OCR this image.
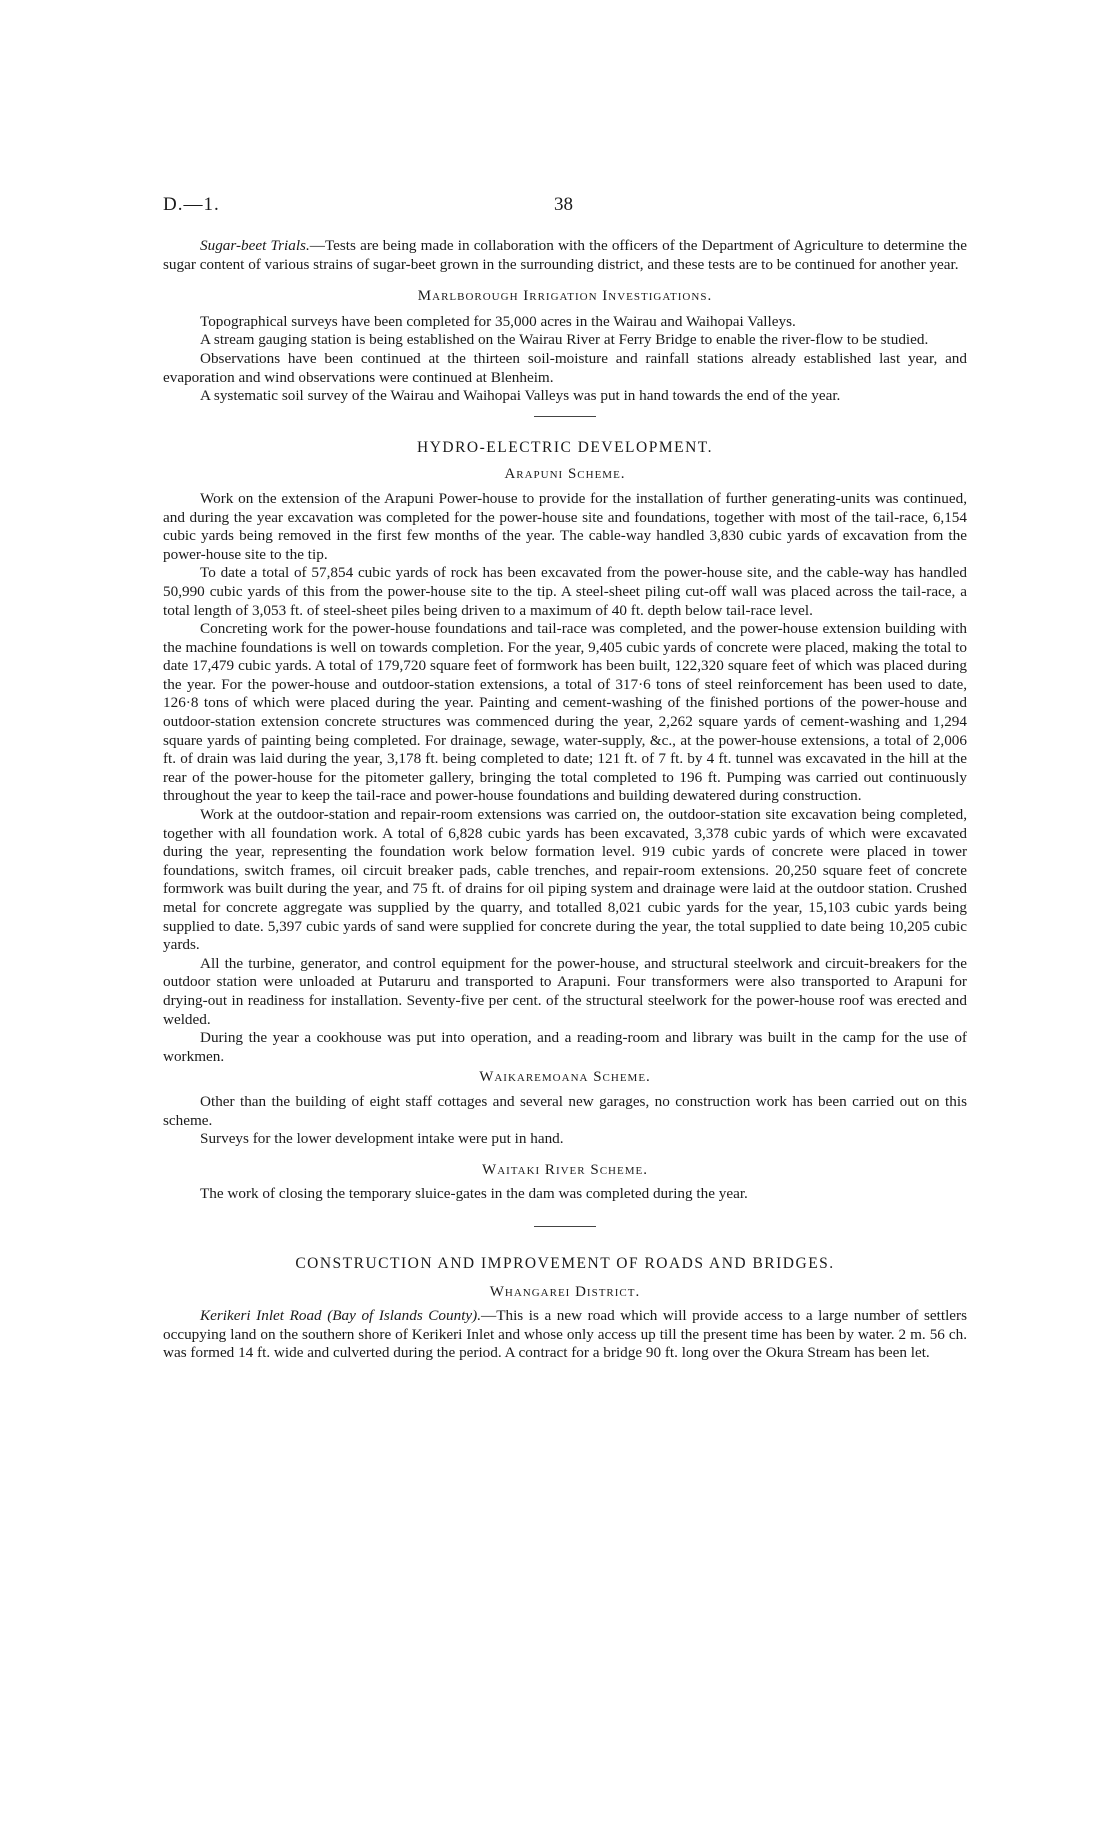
D.—1.	38

Sugar-beet Trials.—Tests are being made in collaboration with the officers of the Department of Agriculture to determine the sugar content of various strains of sugar-beet grown in the surrounding district, and these tests are to be continued for another year.

Marlborough Irrigation Investigations.

Topographical surveys have been completed for 35,000 acres in the Wairau and Waihopai Valleys.

A stream gauging station is being established on the Wairau River at Ferry Bridge to enable the river-flow to be studied.

Observations have been continued at the thirteen soil-moisture and rainfall stations already established last year, and evaporation and wind observations were continued at Blenheim.

A systematic soil survey of the Wairau and Waihopai Valleys was put in hand towards the end of the year.

HYDRO-ELECTRIC DEVELOPMENT.
Arapuni Scheme.

Work on the extension of the Arapuni Power-house to provide for the installation of further generating-units was continued, and during the year excavation was completed for the power-house site and foundations, together with most of the tail-race, 6,154 cubic yards being removed in the first few months of the year. The cable-way handled 3,830 cubic yards of excavation from the power-house site to the tip.

To date a total of 57,854 cubic yards of rock has been excavated from the power-house site, and the cable-way has handled 50,990 cubic yards of this from the power-house site to the tip. A steel-sheet piling cut-off wall was placed across the tail-race, a total length of 3,053 ft. of steel-sheet piles being driven to a maximum of 40 ft. depth below tail-race level.

Concreting work for the power-house foundations and tail-race was completed, and the power-house extension building with the machine foundations is well on towards completion. For the year, 9,405 cubic yards of concrete were placed, making the total to date 17,479 cubic yards. A total of 179,720 square feet of formwork has been built, 122,320 square feet of which was placed during the year. For the power-house and outdoor-station extensions, a total of 317·6 tons of steel reinforcement has been used to date, 126·8 tons of which were placed during the year. Painting and cement-washing of the finished portions of the power-house and outdoor-station extension concrete structures was commenced during the year, 2,262 square yards of cement-washing and 1,294 square yards of painting being completed. For drainage, sewage, water-supply, &c., at the power-house extensions, a total of 2,006 ft. of drain was laid during the year, 3,178 ft. being completed to date; 121 ft. of 7 ft. by 4 ft. tunnel was excavated in the hill at the rear of the power-house for the pitometer gallery, bringing the total completed to 196 ft. Pumping was carried out continuously throughout the year to keep the tail-race and power-house foundations and building dewatered during construction.

Work at the outdoor-station and repair-room extensions was carried on, the outdoor-station site excavation being completed, together with all foundation work. A total of 6,828 cubic yards has been excavated, 3,378 cubic yards of which were excavated during the year, representing the foundation work below formation level. 919 cubic yards of concrete were placed in tower foundations, switch frames, oil circuit breaker pads, cable trenches, and repair-room extensions. 20,250 square feet of concrete formwork was built during the year, and 75 ft. of drains for oil piping system and drainage were laid at the outdoor station. Crushed metal for concrete aggregate was supplied by the quarry, and totalled 8,021 cubic yards for the year, 15,103 cubic yards being supplied to date. 5,397 cubic yards of sand were supplied for concrete during the year, the total supplied to date being 10,205 cubic yards.

All the turbine, generator, and control equipment for the power-house, and structural steelwork and circuit-breakers for the outdoor station were unloaded at Putaruru and transported to Arapuni. Four transformers were also transported to Arapuni for drying-out in readiness for installation. Seventy-five per cent. of the structural steelwork for the power-house roof was erected and welded.

During the year a cookhouse was put into operation, and a reading-room and library was built in the camp for the use of workmen.

Waikaremoana Scheme.

Other than the building of eight staff cottages and several new garages, no construction work has been carried out on this scheme.

Surveys for the lower development intake were put in hand.

Waitaki River Scheme.

The work of closing the temporary sluice-gates in the dam was completed during the year.

CONSTRUCTION AND IMPROVEMENT OF ROADS AND BRIDGES.
Whangarei District.

Kerikeri Inlet Road (Bay of Islands County).—This is a new road which will provide access to a large number of settlers occupying land on the southern shore of Kerikeri Inlet and whose only access up till the present time has been by water. 2 m. 56 ch. was formed 14 ft. wide and culverted during the period. A contract for a bridge 90 ft. long over the Okura Stream has been let.
